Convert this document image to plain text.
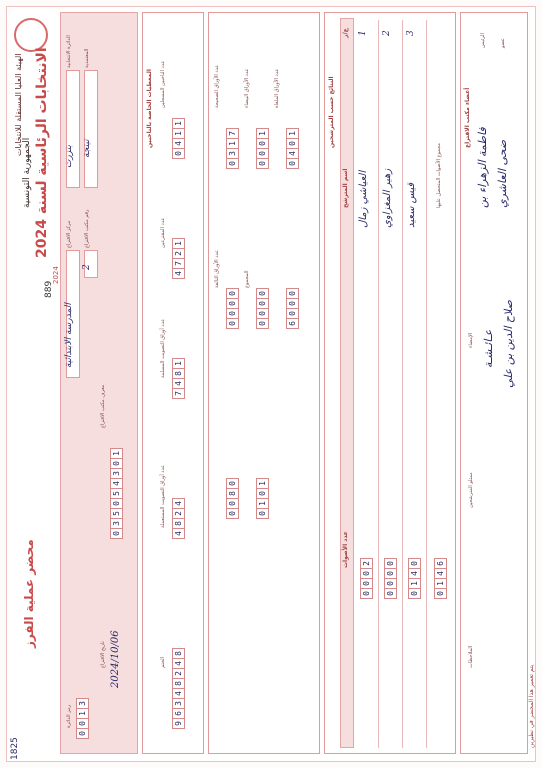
الهيئة العليا المستقلة للانتخابات
الانتخابات الرئاسية لسنة 2024
الجمهورية التونسية
889
2024
محضر عملية الفرز
الدائرة الانتخابية
بنزرت
المعتمدية
تينجة
مركز الاقتراع
المدرسة الابتدائية
رقم مكتب الاقتراع
2
معرف مكتب الاقتراع
0
3
5
0
5
4
3
0
1
تاريخ الاقتراع 2024/10/06
رمز الدائرة
0
0
1
3
المعطيات الخاصة بالناخبين عدد الناخبين المسجلين
0
4
1
1
عدد المقترعين
4
7
2
1
عدد أوراق التصويت المسلمة
7
4
8
1
عدد أوراق التصويت المستعملة
4
8
2
4
الختم
9
6
3
4
8
2
4
8
عدد الأوراق الصحيحة
0
3
1
7
عدد الأوراق البيضاء
0
0
0
1
عدد الأوراق الملغاة
0
4
0
1
عدد الأوراق التالفة
0
0
0
0
المجموع
0
0
0
0
6
0
0
0
0
0
8
0
0
1
0
1
النتائج حسب المترشحين
ع/ر
اسم المترشح
عدد الأصوات
مجموع الأصوات المتحصل عليها
0
1
4
6
أعضاء مكتب الاقتراع
الرئيس	عضو
فاطمة الزهراء بن ضحى العاشري
الإمضاء عـائـشـة صلاح الدين بن علي
ممثلو المترشحين
الملاحظات
يتم تعمير هذا المحضر في نظيرين
1825
1
العياشي زمال
0
0
0
2
2
زهير المغزاوي
0
0
0
0
3
قيس سعيد
0
1
4
0
